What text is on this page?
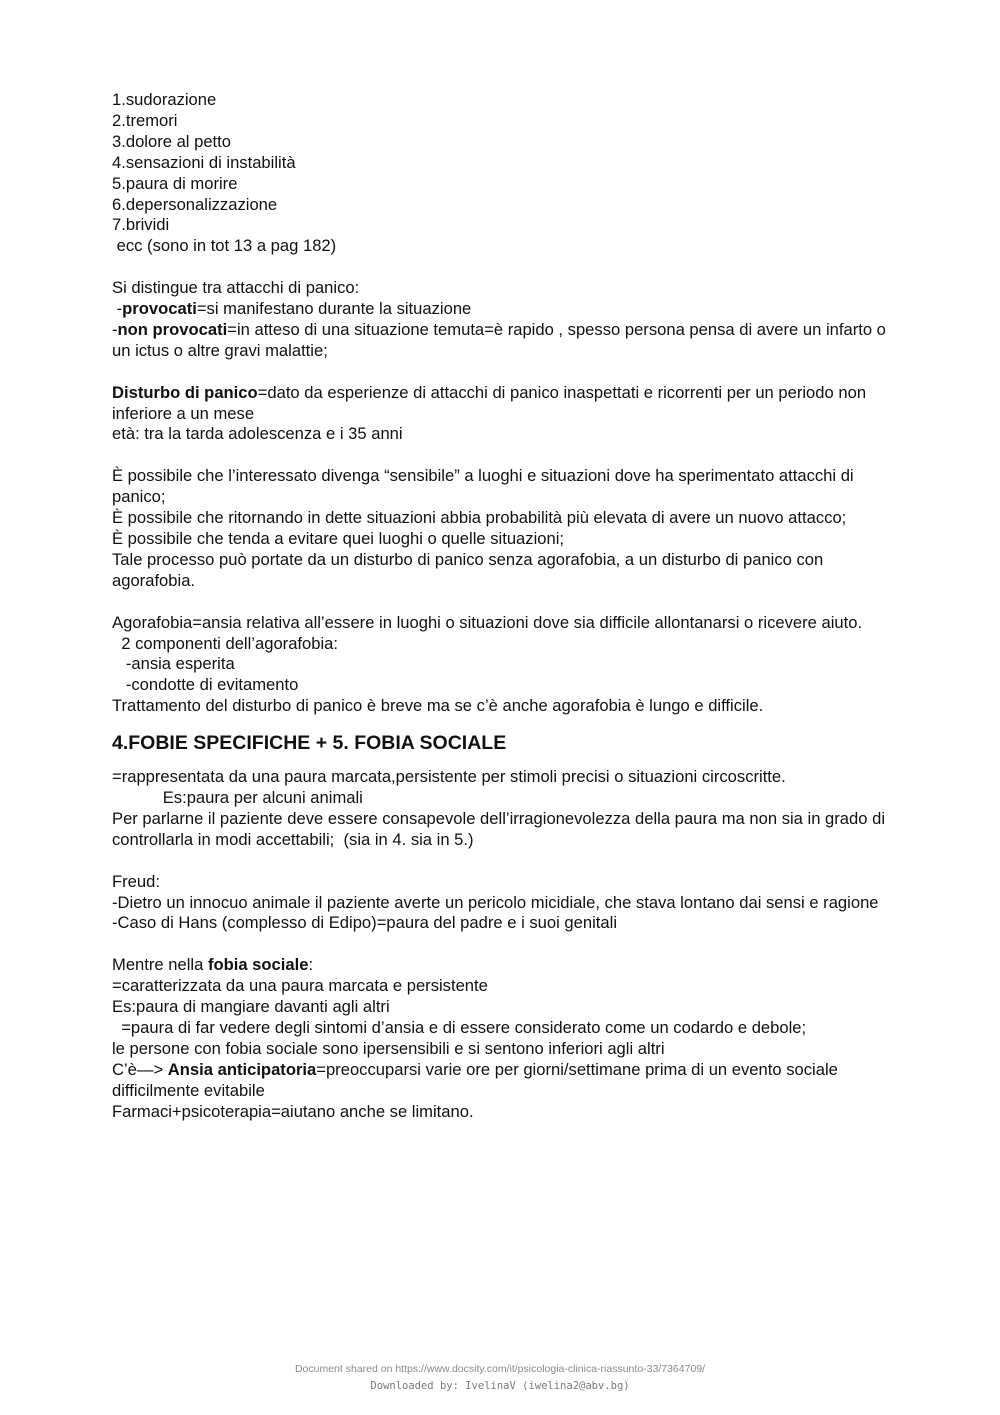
1.sudorazione

2.tremori

3.dolore al petto

4.sensazioni di instabilità

5.paura di morire

6.depersonalizzazione

7.brividi

ecc (sono in tot 13 a pag 182)

Si distingue tra attacchi di panico:

-provocati=si manifestano durante la situazione

-non provocati=in atteso di una situazione temuta=è rapido , spesso persona pensa di avere un infarto o un ictus o altre gravi malattie;

Disturbo di panico=dato da esperienze di attacchi di panico inaspettati e ricorrenti per un periodo non inferiore a un mese

età: tra la tarda adolescenza e i 35 anni

È possibile che l’interessato divenga “sensibile” a luoghi e situazioni dove ha sperimentato attacchi di panico;

È possibile che ritornando in dette situazioni abbia probabilità più elevata di avere un nuovo attacco;

È possibile che tenda a evitare quei luoghi o quelle situazioni;

Tale processo può portate da un disturbo di panico senza agorafobia, a un disturbo di panico con agorafobia.

Agorafobia=ansia relativa all’essere in luoghi o situazioni dove sia difficile allontanarsi o ricevere aiuto.

2 componenti dell’agorafobia:

-ansia esperita

-condotte di evitamento

Trattamento del disturbo di panico è breve ma se c’è anche agorafobia è lungo e difficile.

4.FOBIE SPECIFICHE + 5. FOBIA SOCIALE

=rappresentata da una paura marcata,persistente per stimoli precisi o situazioni circoscritte.

Es:paura per alcuni animali

Per parlarne il paziente deve essere consapevole dell’irragionevolezza della paura ma non sia in grado di controllarla in modi accettabili;  (sia in 4. sia in 5.)

Freud:

-Dietro un innocuo animale il paziente averte un pericolo micidiale, che stava lontano dai sensi e ragione

-Caso di Hans (complesso di Edipo)=paura del padre e i suoi genitali

Mentre nella fobia sociale:

=caratterizzata da una paura marcata e persistente

Es:paura di mangiare davanti agli altri

=paura di far vedere degli sintomi d’ansia e di essere considerato come un codardo e debole;

le persone con fobia sociale sono ipersensibili e si sentono inferiori agli altri

C’è—> Ansia anticipatoria=preoccuparsi varie ore per giorni/settimane prima di un evento sociale difficilmente evitabile

Farmaci+psicoterapia=aiutano anche se limitano.

Document shared on https://www.docsity.com/it/psicologia-clinica-riassunto-33/7364709/
Downloaded by: IvelinaV (iwelina2@abv.bg)
